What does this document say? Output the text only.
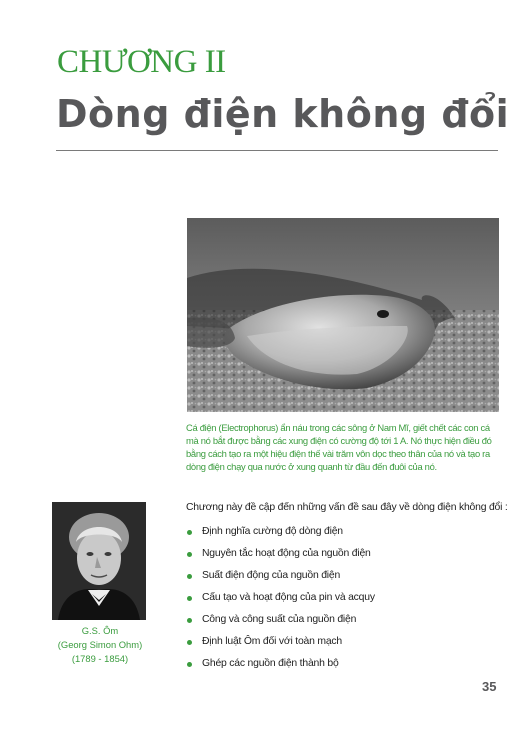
CHƯƠNG II
Dòng điện không đổi

Cá điện (Electrophorus) ẩn náu trong các sông ở Nam Mĩ, giết chết các con cá mà nó bắt được bằng các xung điện có cường độ tới 1 A. Nó thực hiện điều đó bằng cách tạo ra một hiệu điện thế vài trăm vôn dọc theo thân của nó và tạo ra dòng điện chạy qua nước ở xung quanh từ đầu đến đuôi của nó.

G.S. Ôm
(Georg Simon Ohm)
(1789 - 1854)

Chương này đề cập đến những vấn đề sau đây về dòng điện không đổi :

Định nghĩa cường độ dòng điện
Nguyên tắc hoạt động của nguồn điện
Suất điện động của nguồn điện
Cấu tạo và hoạt động của pin và acquy
Công và công suất của nguồn điện
Định luật Ôm đối với toàn mạch
Ghép các nguồn điện thành bộ
35
